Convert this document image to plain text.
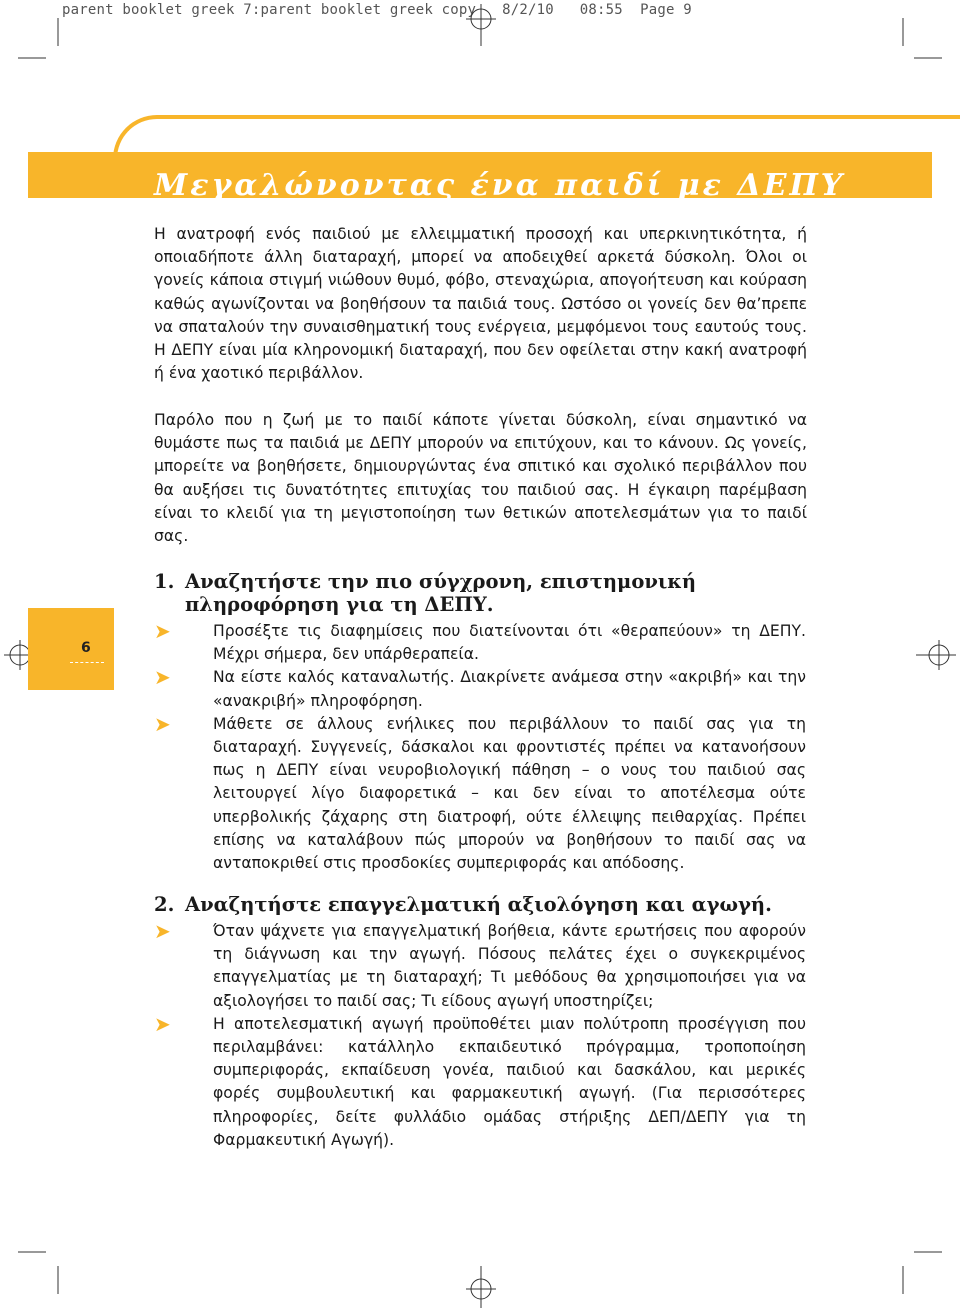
parent booklet greek 7:parent booklet greek copy   8/2/10   08:55  Page 9
Μεγαλώνοντας ένα παιδί με ΔΕΠΥ

Η ανατροφή ενός παιδιού με ελλειμματική προσοχή και υπερκινητικότητα, ή οποιαδήποτε άλλη διαταραχή, μπορεί να αποδειχθεί αρκετά δύσκολη. Όλοι οι γονείς κάποια στιγμή νιώθουν θυμό, φόβο, στεναχώρια, απογοήτευση και κούραση καθώς αγωνίζονται να βοηθήσουν τα παιδιά τους. Ωστόσο οι γονείς δεν θα’πρεπε να σπαταλούν την συναισθηματική τους ενέργεια, μεμφόμενοι τους εαυτούς τους. Η ΔΕΠΥ είναι μία κληρονομική διαταραχή, που δεν οφείλεται στην κακή ανατροφή ή ένα χαοτικό περιβάλλον.

Παρόλο που η ζωή με το παιδί κάποτε γίνεται δύσκολη, είναι σημαντικό να θυμάστε πως τα παιδιά με ΔΕΠΥ μπορούν να επιτύχουν, και το κάνουν. Ως γονείς, μπορείτε να βοηθήσετε, δημιουργώντας ένα σπιτικό και σχολικό περιβάλλον που θα αυξήσει τις δυνατότητες επιτυχίας του παιδιού σας. Η έγκαιρη παρέμβαση είναι το κλειδί για τη μεγιστοποίηση των θετικών αποτελεσμάτων για το παιδί σας.

6
1. Αναζητήστε την πιο σύγχρονη, επιστημονική
πληροφόρηση για τη ΔΕΠΥ.
➤	Προσέξτε τις διαφημίσεις που διατείνονται ότι «θεραπεύουν» τη ΔΕΠΥ. Μέχρι σήμερα, δεν υπάρθεραπεία.

➤	Να είστε καλός καταναλωτής. Διακρίνετε ανάμεσα στην «ακριβή» και την «ανακριβή» πληροφόρηση.

➤	Μάθετε σε άλλους ενήλικες που περιβάλλουν το παιδί σας για τη διαταραχή. Συγγενείς, δάσκαλοι και φροντιστές πρέπει να κατανοήσουν πως η ΔΕΠΥ είναι νευροβιολογική πάθηση – ο νους του παιδιού σας λειτουργεί λίγο διαφορετικά – και δεν είναι το αποτέλεσμα ούτε υπερβολικής ζάχαρης στη διατροφή, ούτε έλλειψης πειθαρχίας. Πρέπει επίσης να καταλάβουν πώς μπορούν να βοηθήσουν το παιδί σας να ανταποκριθεί στις προσδοκίες συμπεριφοράς και απόδοσης.

2. Αναζητήστε επαγγελματική αξιολόγηση και αγωγή.
➤	Όταν ψάχνετε για επαγγελματική βοήθεια, κάντε ερωτήσεις που αφορούν τη διάγνωση και την αγωγή. Πόσους πελάτες έχει ο συγκεκριμένος επαγγελματίας με τη διαταραχή; Τι μεθόδους θα χρησιμοποιήσει για να αξιολογήσει το παιδί σας; Τι είδους αγωγή υποστηρίζει;

➤	Η αποτελεσματική αγωγή προϋποθέτει μιαν πολύτροπη προσέγγιση που περιλαμβάνει: κατάλληλο εκπαιδευτικό πρόγραμμα, τροποποίηση συμπεριφοράς, εκπαίδευση γονέα, παιδιού και δασκάλου, και μερικές φορές συμβουλευτική και φαρμακευτική αγωγή. (Για περισσότερες πληροφορίες, δείτε φυλλάδιο ομάδας στήριξης ΔΕΠ/ΔΕΠΥ για τη Φαρμακευτική Αγωγή).
